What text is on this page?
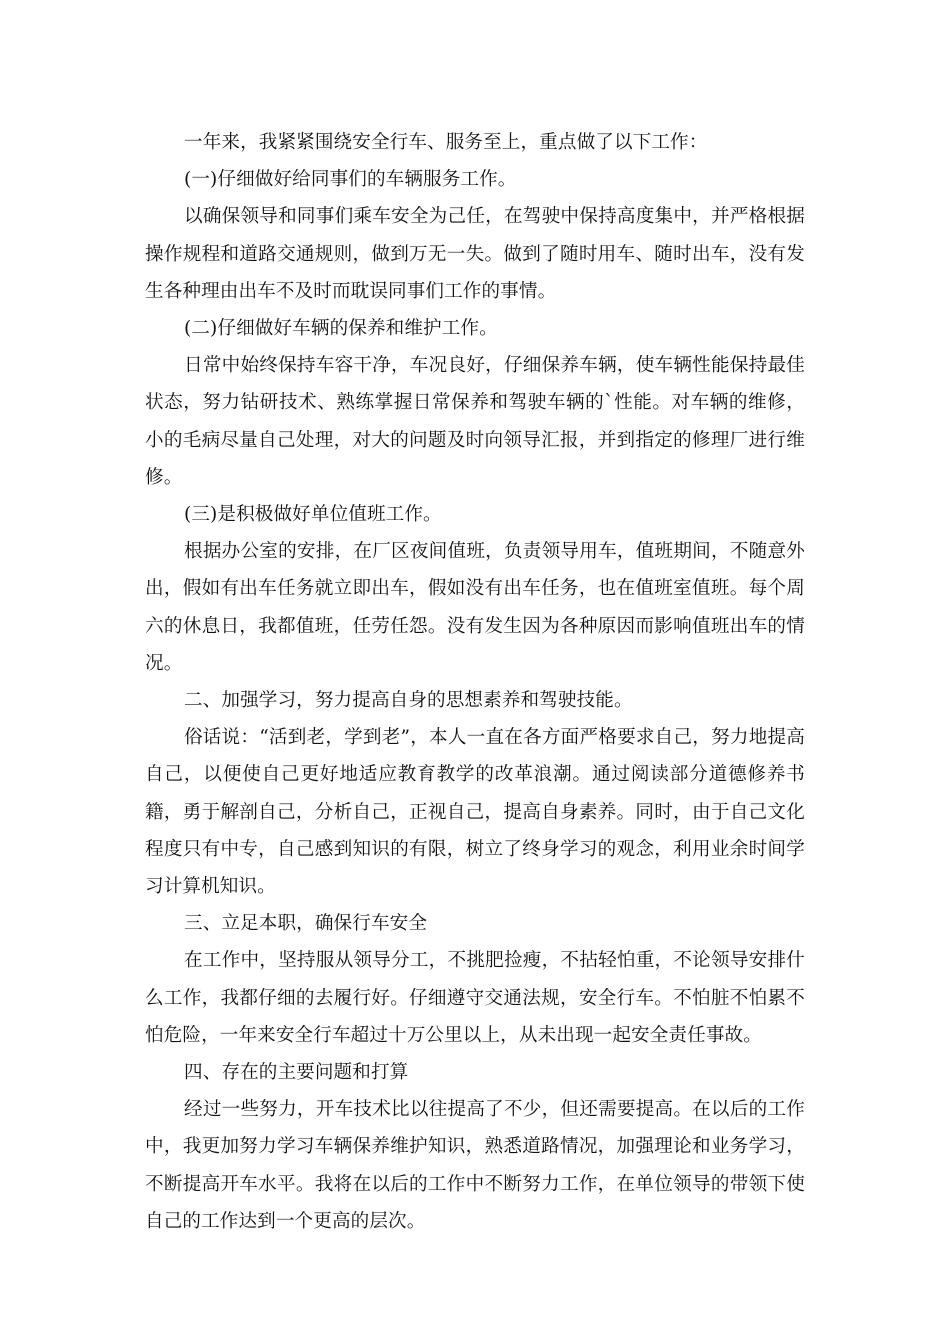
一年来，我紧紧围绕安全行车、服务至上，重点做了以下工作：

(一)仔细做好给同事们的车辆服务工作。

以确保领导和同事们乘车安全为己任，在驾驶中保持高度集中，并严格根据操作规程和道路交通规则，做到万无一失。做到了随时用车、随时出车，没有发生各种理由出车不及时而耽误同事们工作的事情。

(二)仔细做好车辆的保养和维护工作。

日常中始终保持车容干净，车况良好，仔细保养车辆，使车辆性能保持最佳状态，努力钻研技术、熟练掌握日常保养和驾驶车辆的`性能。对车辆的维修，小的毛病尽量自己处理，对大的问题及时向领导汇报，并到指定的修理厂进行维修。

(三)是积极做好单位值班工作。

根据办公室的安排，在厂区夜间值班，负责领导用车，值班期间，不随意外出，假如有出车任务就立即出车，假如没有出车任务，也在值班室值班。每个周六的休息日，我都值班，任劳任怨。没有发生因为各种原因而影响值班出车的情况。

二、加强学习，努力提高自身的思想素养和驾驶技能。

俗话说：“活到老，学到老”，本人一直在各方面严格要求自己，努力地提高自己，以便使自己更好地适应教育教学的改革浪潮。通过阅读部分道德修养书籍，勇于解剖自己，分析自己，正视自己，提高自身素养。同时，由于自己文化程度只有中专，自己感到知识的有限，树立了终身学习的观念，利用业余时间学习计算机知识。

三、立足本职，确保行车安全

在工作中，坚持服从领导分工，不挑肥捡瘦，不拈轻怕重，不论领导安排什么工作，我都仔细的去履行好。仔细遵守交通法规，安全行车。不怕脏不怕累不怕危险，一年来安全行车超过十万公里以上，从未出现一起安全责任事故。

四、存在的主要问题和打算

经过一些努力，开车技术比以往提高了不少，但还需要提高。在以后的工作中，我更加努力学习车辆保养维护知识，熟悉道路情况，加强理论和业务学习，不断提高开车水平。我将在以后的工作中不断努力工作，在单位领导的带领下使自己的工作达到一个更高的层次。
